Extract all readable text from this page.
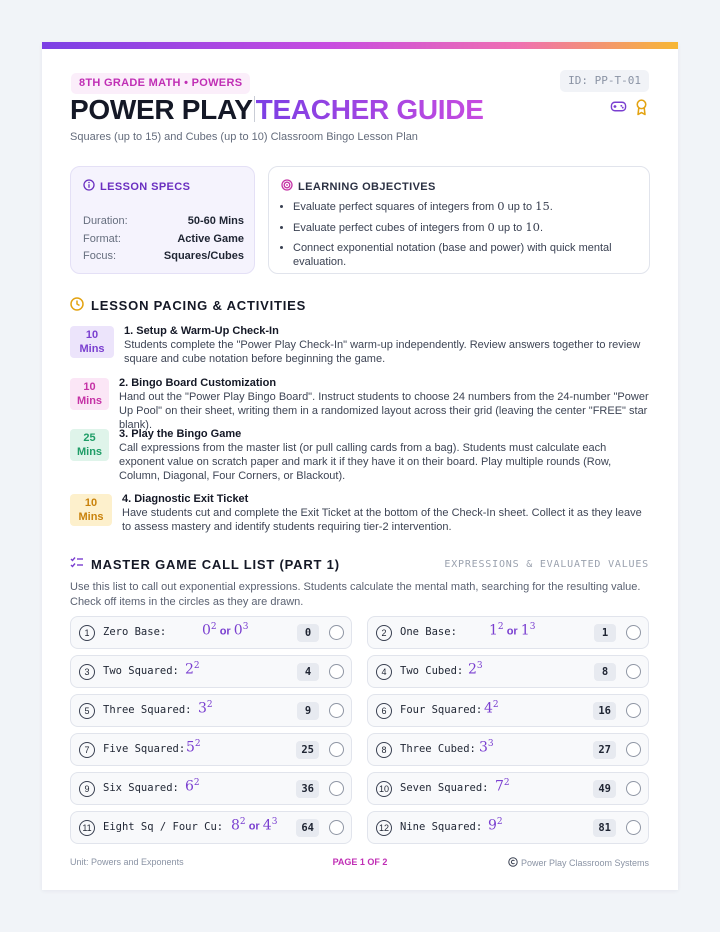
8TH GRADE MATH • POWERS	ID: PP-T-01
POWER PLAY TEACHER GUIDE
Squares (up to 15) and Cubes (up to 10) Classroom Bingo Lesson Plan
LESSON SPECS
Duration:	50-60 Mins
Format:	Active Game
Focus:	Squares/Cubes
LEARNING OBJECTIVES
• Evaluate perfect squares of integers from 0 up to 15.
• Evaluate perfect cubes of integers from 0 up to 10.
• Connect exponential notation (base and power) with quick mental evaluation.
LESSON PACING & ACTIVITIES
10
Mins
1. Setup & Warm-Up Check-In
Students complete the "Power Play Check-In" warm-up independently. Review answers together to review square and cube notation before beginning the game.
10
Mins
2. Bingo Board Customization
Hand out the "Power Play Bingo Board". Instruct students to choose 24 numbers from the 24-number "Power Up Pool" on their sheet, writing them in a randomized layout across their grid (leaving the center "FREE" star blank).
25
Mins
3. Play the Bingo Game
Call expressions from the master list (or pull calling cards from a bag). Students must calculate each exponent value on scratch paper and mark it if they have it on their board. Play multiple rounds (Row, Column, Diagonal, Four Corners, or Blackout).
10
Mins
4. Diagnostic Exit Ticket
Have students cut and complete the Exit Ticket at the bottom of the Check-In sheet. Collect it as they leave to assess mastery and identify students requiring tier-2 intervention.
MASTER GAME CALL LIST (PART 1)	EXPRESSIONS & EVALUATED VALUES
Use this list to call out exponential expressions. Students calculate the mental math, searching for the resulting value. Check off items in the circles as they are drawn.
1	Zero Base:	$0^2$ or $0^3$	0	2	One Base: $1^2$ or $1^3$	1
3	Two Squared: $2^2$	4	4	Two Cubed: $2^3$	8
5	Three Squared: $3^2$	9	6	Four Squared: $4^2$	16
7	Five Squared: $5^2$	25	8	Three Cubed: $3^3$	27
9	Six Squared: $6^2$	36	10 Seven Squared: $7^2$	49
11	Eight Sq / Four Cu: $8^2$ or $4^3$	64	12 Nine Squared: $9^2$	81
Unit: Powers and Exponents	PAGE 1 OF 2	Power Play Classroom Systems
